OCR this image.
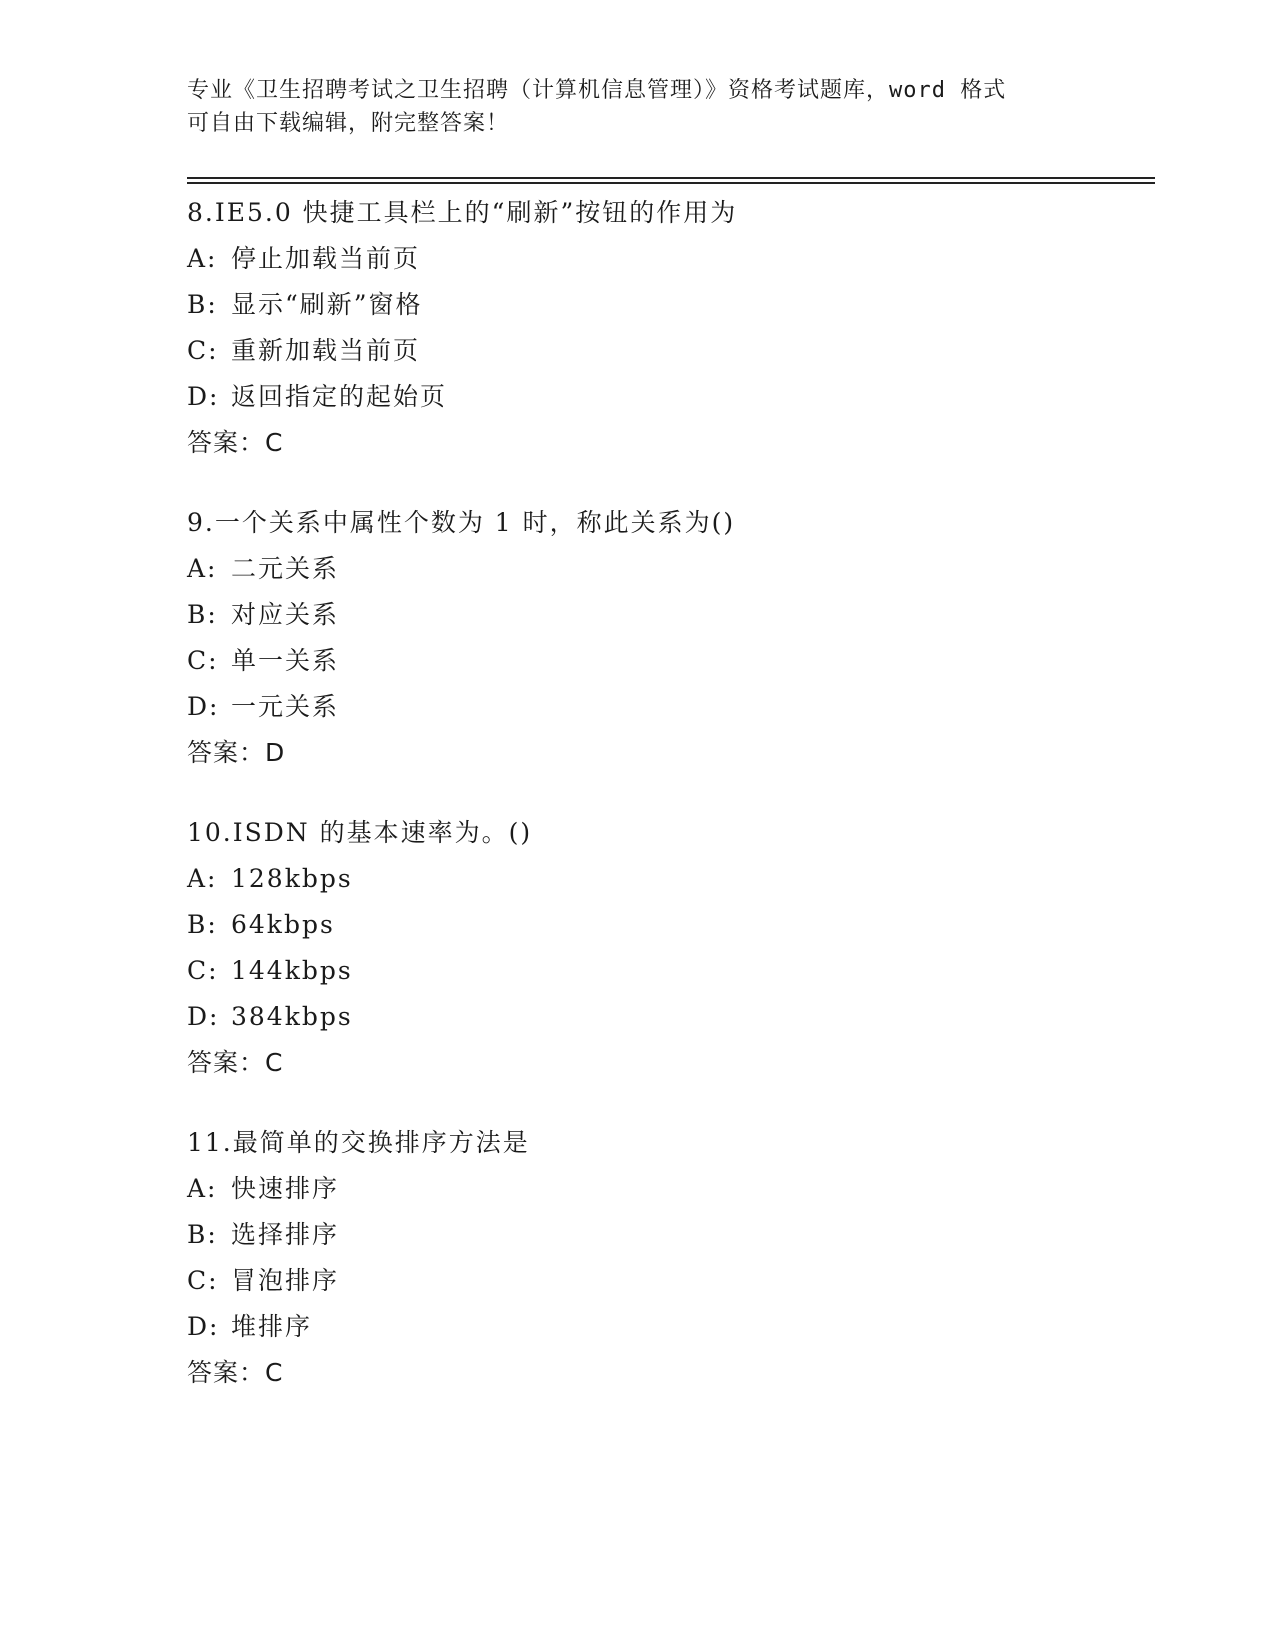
专业《卫生招聘考试之卫生招聘（计算机信息管理）》资格考试题库，word 格式

可自由下载编辑，附完整答案！

8.IE5.0 快捷工具栏上的“刷新”按钮的作用为
A: 停止加载当前页
B: 显示“刷新”窗格
C: 重新加载当前页
D: 返回指定的起始页
答案：C
9.一个关系中属性个数为 1 时，称此关系为()
A: 二元关系
B: 对应关系
C: 单一关系
D: 一元关系
答案：D
10.ISDN 的基本速率为。()
A: 128kbps
B: 64kbps
C: 144kbps
D: 384kbps
答案：C
11.最简单的交换排序方法是
A: 快速排序
B: 选择排序
C: 冒泡排序
D: 堆排序
答案：C
